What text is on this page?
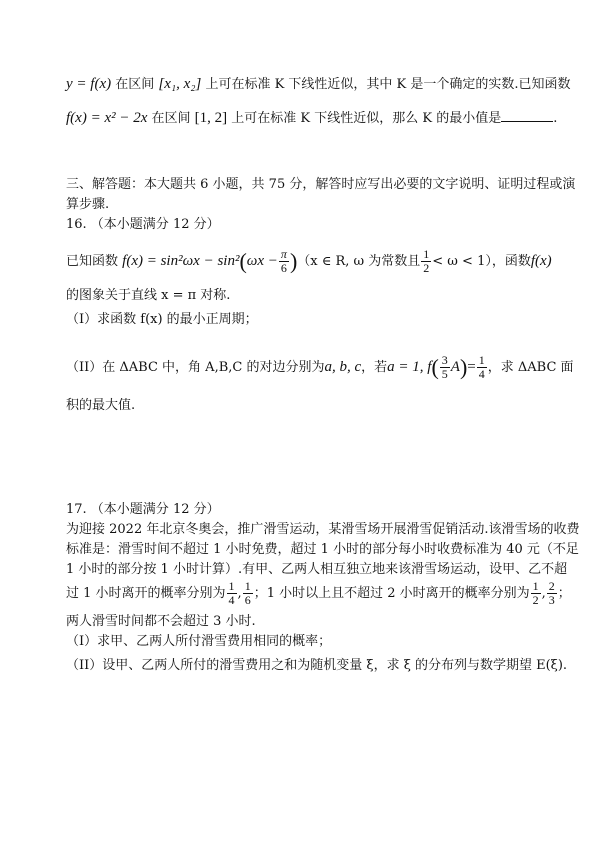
y = f(x) 在区间 [x₁, x₂] 上可在标准 K 下线性近似，其中 K 是一个确定的实数.已知函数
f(x) = x² − 2x 在区间 [1, 2] 上可在标准 K 下线性近似，那么 K 的最小值是	.
三、解答题：本大题共 6 小题，共 75 分，解答时应写出必要的文字说明、证明过程或演
算步骤.
16. （本小题满分 12 分）
已知函数 $f(x) = \sin^2\omega x - \sin^2(\omega x - \frac{\pi}{6} )(x$ ∈ R, ω 为常数且 $\frac{1}{2} < \omega < 1$），函数f(x)
的图象关于直线 x = π 对称.
（I）求函数 f(x) 的最小正周期；
（II）在 ΔABC 中，角 A,B,C 的对边分别为a, b, c，若a = 1, $f( \frac{3}{5} A)= \frac{1}{4}$ ，求 ΔABC 面
积的最大值.
17. （本小题满分 12 分）
为迎接 2022 年北京冬奥会，推广滑雪运动，某滑雪场开展滑雪促销活动.该滑雪场的收费
标准是：滑雪时间不超过 1 小时免费，超过 1 小时的部分每小时收费标准为 40 元（不足
1 小时的部分按 1 小时计算）.有甲、乙两人相互独立地来该滑雪场运动，设甲、乙不超
过 1 小时离开的概率分别为 $\frac{1}{4}$ , $\frac{1}{6}$ ；1 小时以上且不超过 2 小时离开的概率分别为 $\frac{1}{2}$ , $\frac{2}{3}$ ；
两人滑雪时间都不会超过 3 小时.
（I）求甲、乙两人所付滑雪费用相同的概率；
（II）设甲、乙两人所付的滑雪费用之和为随机变量 ξ，求 ξ 的分布列与数学期望 E(ξ).
